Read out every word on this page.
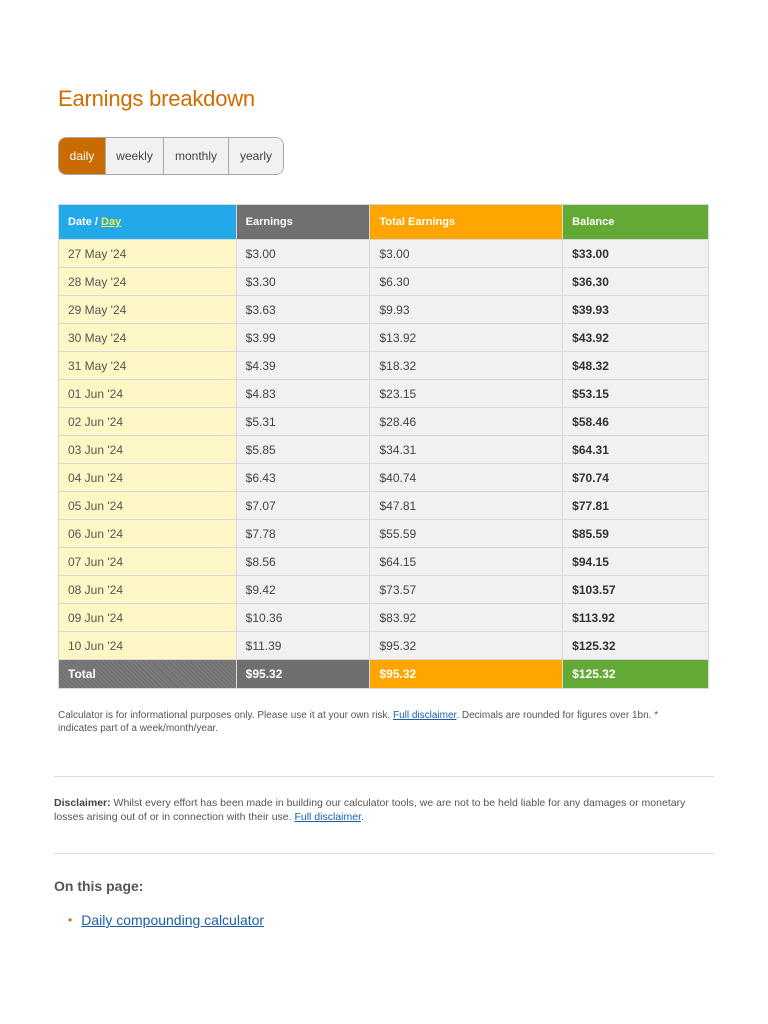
Earnings breakdown
daily	weekly	monthly	yearly
Date / Day	Earnings	Total Earnings	Balance
27 May '24	$3.00	$3.00	$33.00
28 May '24	$3.30	$6.30	$36.30
29 May '24	$3.63	$9.93	$39.93
30 May '24	$3.99	$13.92	$43.92
31 May '24	$4.39	$18.32	$48.32
01 Jun '24	$4.83	$23.15	$53.15
02 Jun '24	$5.31	$28.46	$58.46
03 Jun '24	$5.85	$34.31	$64.31
04 Jun '24	$6.43	$40.74	$70.74
05 Jun '24	$7.07	$47.81	$77.81
06 Jun '24	$7.78	$55.59	$85.59
07 Jun '24	$8.56	$64.15	$94.15
08 Jun '24	$9.42	$73.57	$103.57
09 Jun '24	$10.36	$83.92	$113.92
10 Jun '24	$11.39	$95.32	$125.32
Total	$95.32	$95.32	$125.32

Calculator is for informational purposes only. Please use it at your own risk. Full disclaimer. Decimals are rounded for figures over 1bn. * indicates part of a week/month/year.

Disclaimer: Whilst every effort has been made in building our calculator tools, we are not to be held liable for any damages or monetary losses arising out of or in connection with their use. Full disclaimer.

On this page:
• Daily compounding calculator
